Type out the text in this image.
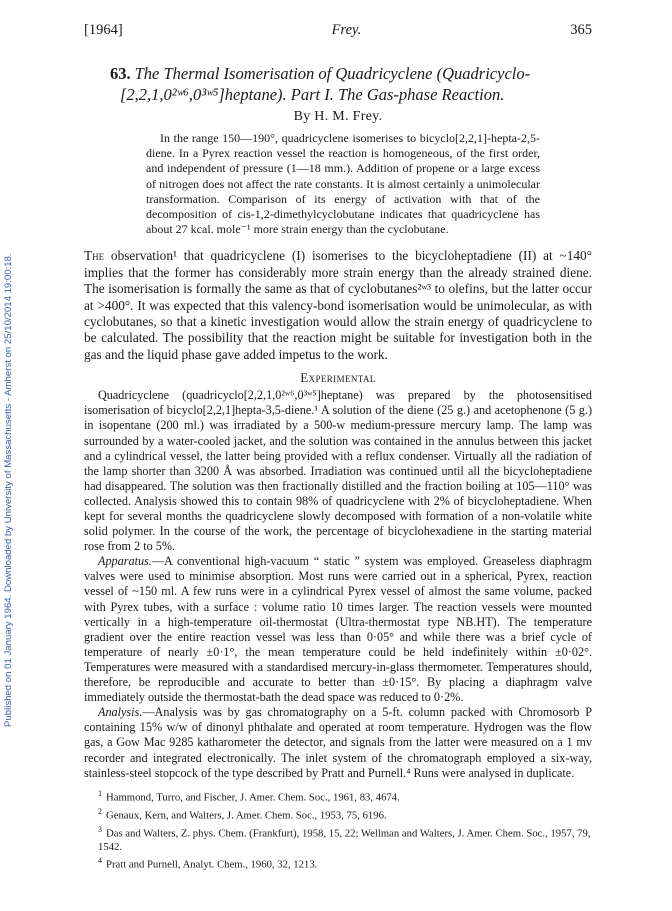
Published on 01 January 1964. Downloaded by University of Massachusetts - Amherst on 25/10/2014 19:00:18.
[1964]	Frey.	365
63. The Thermal Isomerisation of Quadricyclene (Quadricyclo-
[2,2,1,0²ʷ⁶,0³ʷ⁵]heptane). Part I. The Gas-phase Reaction.
By H. M. Frey.

In the range 150—190°, quadricyclene isomerises to bicyclo[2,2,1]-hepta-2,5-diene. In a Pyrex reaction vessel the reaction is homogeneous, of the first order, and independent of pressure (1—18 mm.). Addition of propene or a large excess of nitrogen does not affect the rate constants. It is almost certainly a unimolecular transformation. Comparison of its energy of activation with that of the decomposition of cis-1,2-dimethylcyclobutane indicates that quadricyclene has about 27 kcal. mole⁻¹ more strain energy than the cyclobutane.

The observation¹ that quadricyclene (I) isomerises to the bicycloheptadiene (II) at ~140° implies that the former has considerably more strain energy than the already strained diene. The isomerisation is formally the same as that of cyclobutanes²ʷ³ to olefins, but the latter occur at >400°. It was expected that this valency-bond isomerisation would be unimolecular, as with cyclobutanes, so that a kinetic investigation would allow the strain energy of quadricyclene to be calculated. The possibility that the reaction might be suitable for investigation both in the gas and the liquid phase gave added impetus to the work.

Experimental

Quadricyclene (quadricyclo[2,2,1,0²ʷ⁶,0³ʷ⁵]heptane) was prepared by the photosensitised isomerisation of bicyclo[2,2,1]hepta-3,5-diene.¹ A solution of the diene (25 g.) and acetophenone (5 g.) in isopentane (200 ml.) was irradiated by a 500-w medium-pressure mercury lamp. The lamp was surrounded by a water-cooled jacket, and the solution was contained in the annulus between this jacket and a cylindrical vessel, the latter being provided with a reflux condenser. Virtually all the radiation of the lamp shorter than 3200 Å was absorbed. Irradiation was continued until all the bicycloheptadiene had disappeared. The solution was then fractionally distilled and the fraction boiling at 105—110° was collected. Analysis showed this to contain 98% of quadricyclene with 2% of bicycloheptadiene. When kept for several months the quadricyclene slowly decomposed with formation of a non-volatile white solid polymer. In the course of the work, the percentage of bicyclohexadiene in the starting material rose from 2 to 5%.

Apparatus.—A conventional high-vacuum “ static ” system was employed. Greaseless diaphragm valves were used to minimise absorption. Most runs were carried out in a spherical, Pyrex, reaction vessel of ~150 ml. A few runs were in a cylindrical Pyrex vessel of almost the same volume, packed with Pyrex tubes, with a surface : volume ratio 10 times larger. The reaction vessels were mounted vertically in a high-temperature oil-thermostat (Ultra-thermostat type NB.HT). The temperature gradient over the entire reaction vessel was less than 0·05° and while there was a brief cycle of temperature of nearly ±0·1°, the mean temperature could be held indefinitely within ±0·02°. Temperatures were measured with a standardised mercury-in-glass thermometer. Temperatures should, therefore, be reproducible and accurate to better than ±0·15°. By placing a diaphragm valve immediately outside the thermostat-bath the dead space was reduced to 0·2%.

Analysis.—Analysis was by gas chromatography on a 5-ft. column packed with Chromosorb P containing 15% w/w of dinonyl phthalate and operated at room temperature. Hydrogen was the flow gas, a Gow Mac 9285 katharometer the detector, and signals from the latter were measured on a 1 mv recorder and integrated electronically. The inlet system of the chromatograph employed a six-way, stainless-steel stopcock of the type described by Pratt and Purnell.⁴ Runs were analysed in duplicate.

$^1$ Hammond, Turro, and Fischer, J. Amer. Chem. Soc., 1961, 83, 4674.
$^2$ Genaux, Kern, and Walters, J. Amer. Chem. Soc., 1953, 75, 6196.
$^3$ Das and Walters, Z. phys. Chem. (Frankfurt), 1958, 15, 22; Wellman and Walters, J. Amer. Chem. Soc., 1957, 79, 1542.
$^4$ Pratt and Purnell, Analyt. Chem., 1960, 32, 1213.
